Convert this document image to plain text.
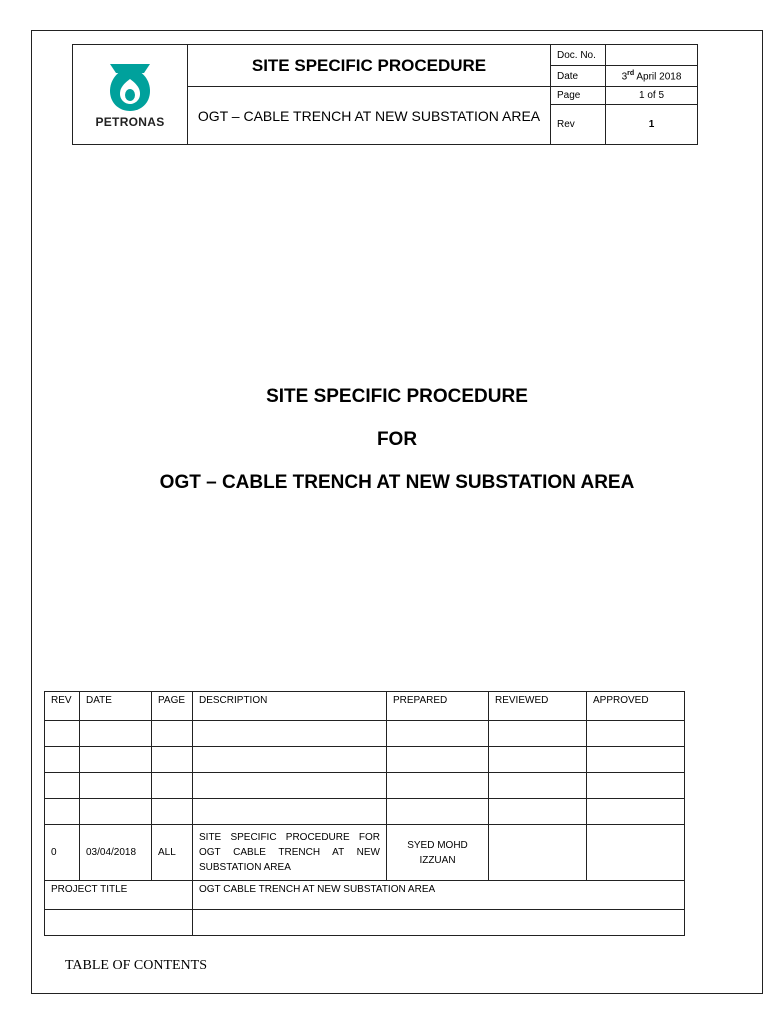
PETRONAS	SITE SPECIFIC PROCEDURE	Doc. No.	
		Date	3rd April 2018
	OGT – CABLE TRENCH AT NEW SUBSTATION AREA	Page	1 of 5
		Rev	1
SITE SPECIFIC PROCEDURE
FOR
OGT – CABLE TRENCH AT NEW SUBSTATION AREA
REV	DATE	PAGE	DESCRIPTION	PREPARED	REVIEWED	APPROVED

0	03/04/2018	ALL	SITE SPECIFIC PROCEDURE FOR OGT CABLE TRENCH AT NEW SUBSTATION AREA	SYED MOHD IZZUAN		
PROJECT TITLE			OGT CABLE TRENCH AT NEW SUBSTATION AREA			

TABLE OF CONTENTS
